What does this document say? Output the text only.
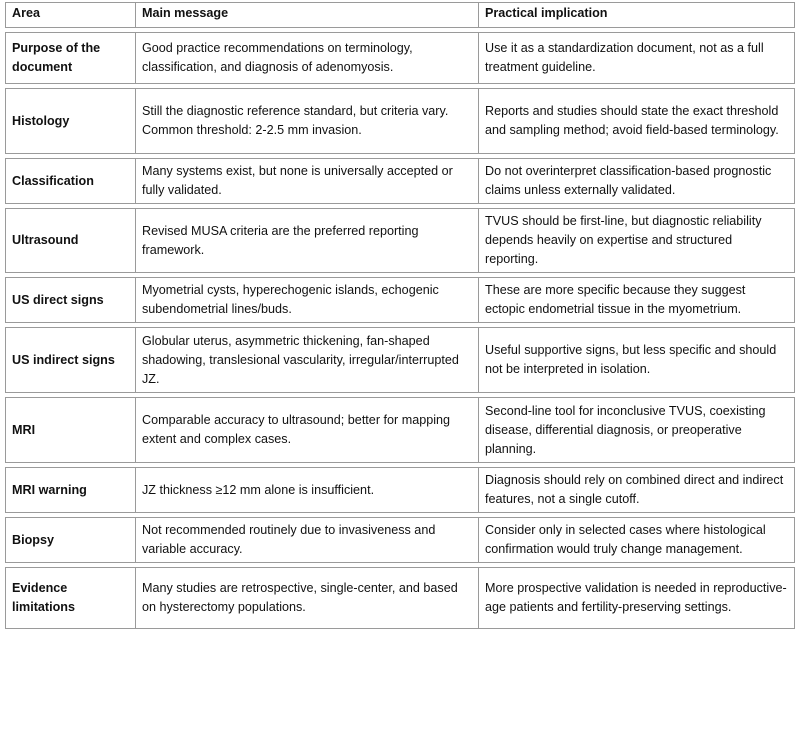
Area	Main message	Practical implication
Purpose of the document	Good practice recommendations on terminology, classification, and diagnosis of adenomyosis.	Use it as a standardization document, not as a full treatment guideline.
Histology	Still the diagnostic reference standard, but criteria vary. Common threshold: 2-2.5 mm invasion.	Reports and studies should state the exact threshold and sampling method; avoid field-based terminology.
Classification	Many systems exist, but none is universally accepted or fully validated.	Do not overinterpret classification-based prognostic claims unless externally validated.
Ultrasound	Revised MUSA criteria are the preferred reporting framework.	TVUS should be first-line, but diagnostic reliability depends heavily on expertise and structured reporting.
US direct signs	Myometrial cysts, hyperechogenic islands, echogenic subendometrial lines/buds.	These are more specific because they suggest ectopic endometrial tissue in the myometrium.
US indirect signs	Globular uterus, asymmetric thickening, fan-shaped shadowing, translesional vascularity, irregular/interrupted JZ.	Useful supportive signs, but less specific and should not be interpreted in isolation.
MRI	Comparable accuracy to ultrasound; better for mapping extent and complex cases.	Second-line tool for inconclusive TVUS, coexisting disease, differential diagnosis, or preoperative planning.
MRI warning	JZ thickness ≥12 mm alone is insufficient.	Diagnosis should rely on combined direct and indirect features, not a single cutoff.
Biopsy	Not recommended routinely due to invasiveness and variable accuracy.	Consider only in selected cases where histological confirmation would truly change management.
Evidence limitations	Many studies are retrospective, single-center, and based on hysterectomy populations.	More prospective validation is needed in reproductive-age patients and fertility-preserving settings.
